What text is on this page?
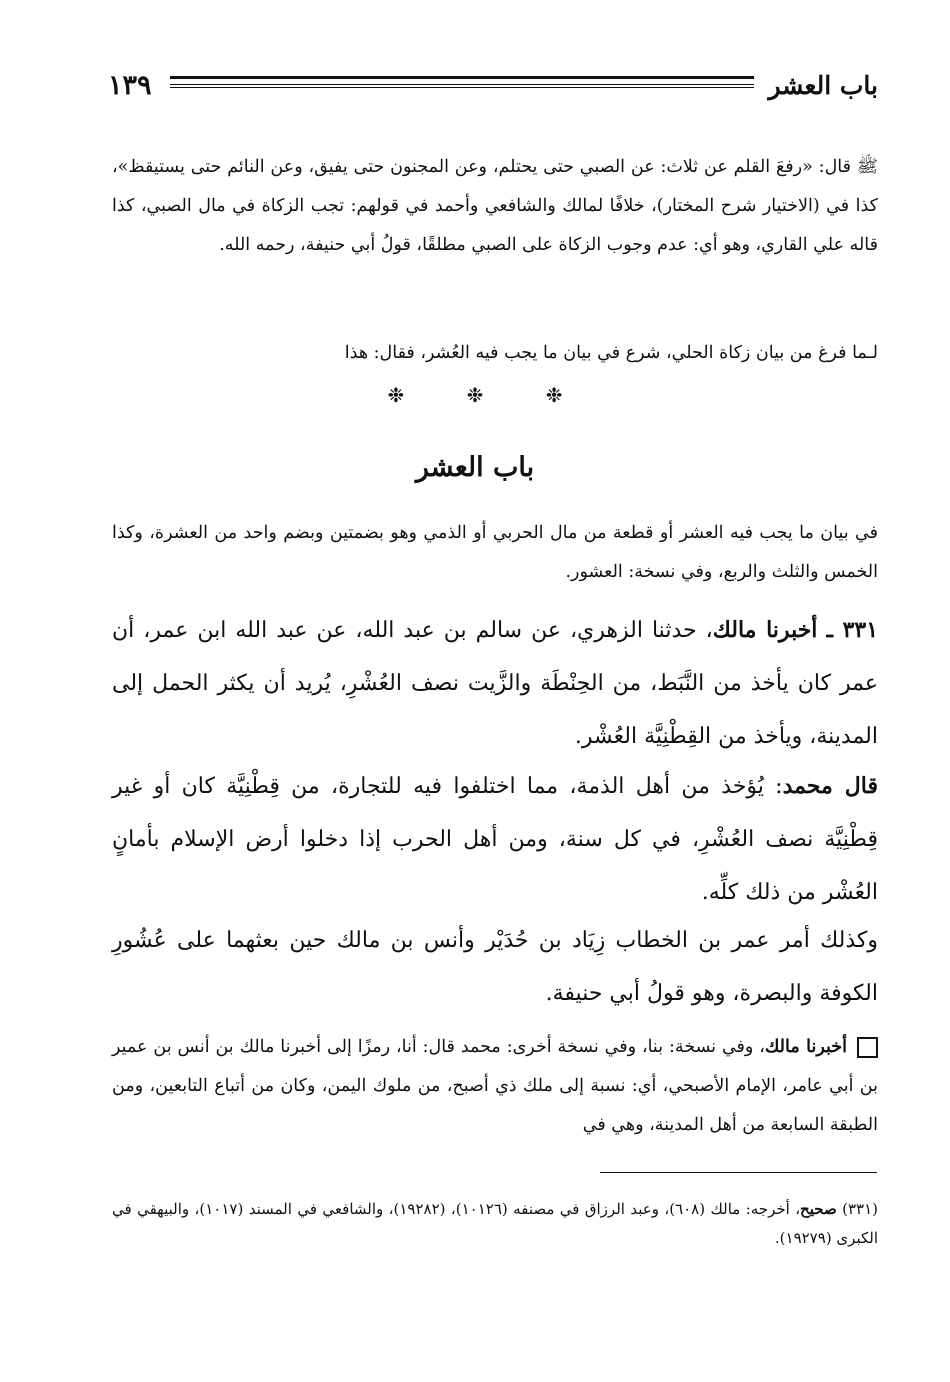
باب العشر
١٣٩

ﷺ قال: «رفعَ القلم عن ثلاث: عن الصبي حتى يحتلم، وعن المجنون حتى يفيق، وعن النائم حتى يستيقظ»، كذا في (الاختيار شرح المختار)، خلافًا لمالك والشافعي وأحمد في قولهم: تجب الزكاة في مال الصبي، كذا قاله علي القاري، وهو أي: عدم وجوب الزكاة على الصبي مطلقًا، قولُ أبي حنيفة، رحمه الله.

لـما فرغ من بيان زكاة الحلي، شرع في بيان ما يجب فيه العُشر، فقال: هذا

❉	❉	❉
باب العشر

في بيان ما يجب فيه العشر أو قطعة من مال الحربي أو الذمي وهو بضمتين وبضم واحد من العشرة، وكذا الخمس والثلث والربع، وفي نسخة: العشور.

٣٣١ ـ أخبرنا مالك، حدثنا الزهري، عن سالم بن عبد الله، عن عبد الله ابن عمر، أن عمر كان يأخذ من النَّبَط، من الحِنْطَة والزَّيت نصف العُشْرِ، يُريد أن يكثر الحمل إلى المدينة، ويأخذ من القِطْنِيَّة العُشْر.

قال محمد: يُؤخذ من أهل الذمة، مما اختلفوا فيه للتجارة، من قِطْنِيَّة كان أو غير قِطْنِيَّة نصف العُشْرِ، في كل سنة، ومن أهل الحرب إذا دخلوا أرض الإسلام بأمانٍ العُشْر من ذلك كلِّه.

وكذلك أمر عمر بن الخطاب زِيَاد بن حُدَيْر وأنس بن مالك حين بعثهما على عُشُورِ الكوفة والبصرة، وهو قولُ أبي حنيفة.

أخبرنا مالك، وفي نسخة: بنا، وفي نسخة أخرى: محمد قال: أنا، رمزًا إلى أخبرنا مالك بن أنس بن عمير بن أبي عامر، الإمام الأصبحي، أي: نسبة إلى ملك ذي أصبح، من ملوك اليمن، وكان من أتباع التابعين، ومن الطبقة السابعة من أهل المدينة، وهي في

(٣٣١) صحيح، أخرجه: مالك (٦٠٨)، وعبد الرزاق في مصنفه (١٠١٢٦)، (١٩٢٨٢)، والشافعي في المسند (١٠١٧)، والبيهقي في الكبرى (١٩٢٧٩).
